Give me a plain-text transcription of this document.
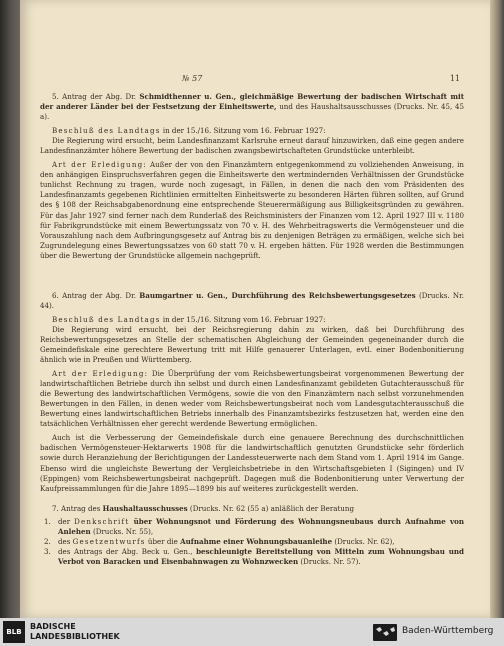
№ 57	11

5. Antrag der Abg. Dr. Schmidthenner u. Gen., gleichmäßige Bewertung der badischen Wirtschaft mit der anderer Länder bei der Festsetzung der Einheitswerte, und des Haushaltsausschusses (Drucks. Nr. 45, 45 a).

Beschluß des Landtags in der 15./16. Sitzung vom 16. Februar 1927:

Die Regierung wird ersucht, beim Landesfinanzamt Karlsruhe erneut darauf hinzuwirken, daß eine gegen andere Landesfinanzämter höhere Bewertung der badischen zwangsbewirtschafteten Grundstücke unterbleibt.

Art der Erledigung: Außer der von den Finanzämtern entgegenkommend zu vollziehenden Anweisung, in den anhängigen Einspruchsverfahren gegen die Einheitswerte den wertmindernden Verhältnissen der Grundstücke tunlichst Rechnung zu tragen, wurde noch zugesagt, in Fällen, in denen die nach den vom Präsidenten des Landesfinanzamts gegebenen Richtlinien ermittelten Einheitswerte zu besonderen Härten führen sollten, auf Grund des § 108 der Reichsabgabenordnung eine entsprechende Steuerermäßigung aus Billigkeitsgründen zu gewähren. Für das Jahr 1927 sind ferner nach dem Runderlaß des Reichsministers der Finanzen vom 12. April 1927 III v. 1180 für Fabrikgrundstücke mit einem Bewertungssatz von 70 v. H. des Wehrbeitragswerts die Vermögensteuer und die Vorauszahlung nach dem Aufbringungsgesetz auf Antrag bis zu denjenigen Beträgen zu ermäßigen, welche sich bei Zugrundelegung eines Bewertungssatzes von 60 statt 70 v. H. ergeben hätten. Für 1928 werden die Bestimmungen über die Bewertung der Grundstücke allgemein nachgeprüft.

6. Antrag der Abg. Dr. Baumgartner u. Gen., Durchführung des Reichsbewertungsgesetzes (Drucks. Nr. 44).

Beschluß des Landtags in der 15./16. Sitzung vom 16. Februar 1927:

Die Regierung wird ersucht, bei der Reichsregierung dahin zu wirken, daß bei Durchführung des Reichsbewertungsgesetzes an Stelle der schematischen Abgleichung der Gemeinden gegeneinander durch die Gemeindefiskale eine gerechtere Bewertung tritt mit Hilfe genauerer Unterlagen, evtl. einer Bodenbonitierung ähnlich wie in Preußen und Württemberg.

Art der Erledigung: Die Überprüfung der vom Reichsbewertungsbeirat vorgenommenen Bewertung der landwirtschaftlichen Betriebe durch ihn selbst und durch einen Landesfinanzamt gebildeten Gutachterausschuß für die Bewertung des landwirtschaftlichen Vermögens, sowie die von den Finanzämtern nach selbst vorzunehmenden Bewertungen in den Fällen, in denen weder vom Reichsbewertungsbeirat noch vom Landesgutachterausschuß die Bewertung eines landwirtschaftlichen Betriebs innerhalb des Finanzamtsbezirks festzusetzen hat, werden eine den tatsächlichen Verhältnissen eher gerecht werdende Bewertung ermöglichen.

Auch ist die Verbesserung der Gemeindefiskale durch eine genauere Berechnung des durchschnittlichen badischen Vermögensteuer-Hektarwerts 1908 für die landwirtschaftlich genutzten Grundstücke sehr förderlich sowie durch Heranziehung der Berichtigungen der Landessteuerwerte nach dem Stand vom 1. April 1914 im Gange. Ebenso wird die ungleichste Bewertung der Vergleichsbetriebe in den Wirtschaftsgebieten I (Sigingen) und IV (Eppingen) vom Reichsbewertungsbeirat nachgeprüft. Dagegen muß die Bodenbonitierung unter Verwertung der Kaufpreissammlungen für die Jahre 1895—1899 bis auf weiteres zurückgestellt werden.

7. Antrag des Haushaltausschusses (Drucks. Nr. 62 (55 a) anläßlich der Beratung

1.	der Denkschrift über Wohnungsnot und Förderung des Wohnungsneubaus durch Aufnahme von Anlehen (Drucks. Nr. 55),
2.	des Gesetzentwurfs über die Aufnahme einer Wohnungsbauanleihe (Drucks. Nr. 62),
3.	des Antrags der Abg. Beck u. Gen., beschleunigte Bereitstellung von Mitteln zum Wohnungsbau und Verbot von Baracken und Eisenbahnwagen zu Wohnzwecken (Drucks. Nr. 57).
BLB
BADISCHE
LANDESBIBLIOTHEK
Baden-Württemberg
